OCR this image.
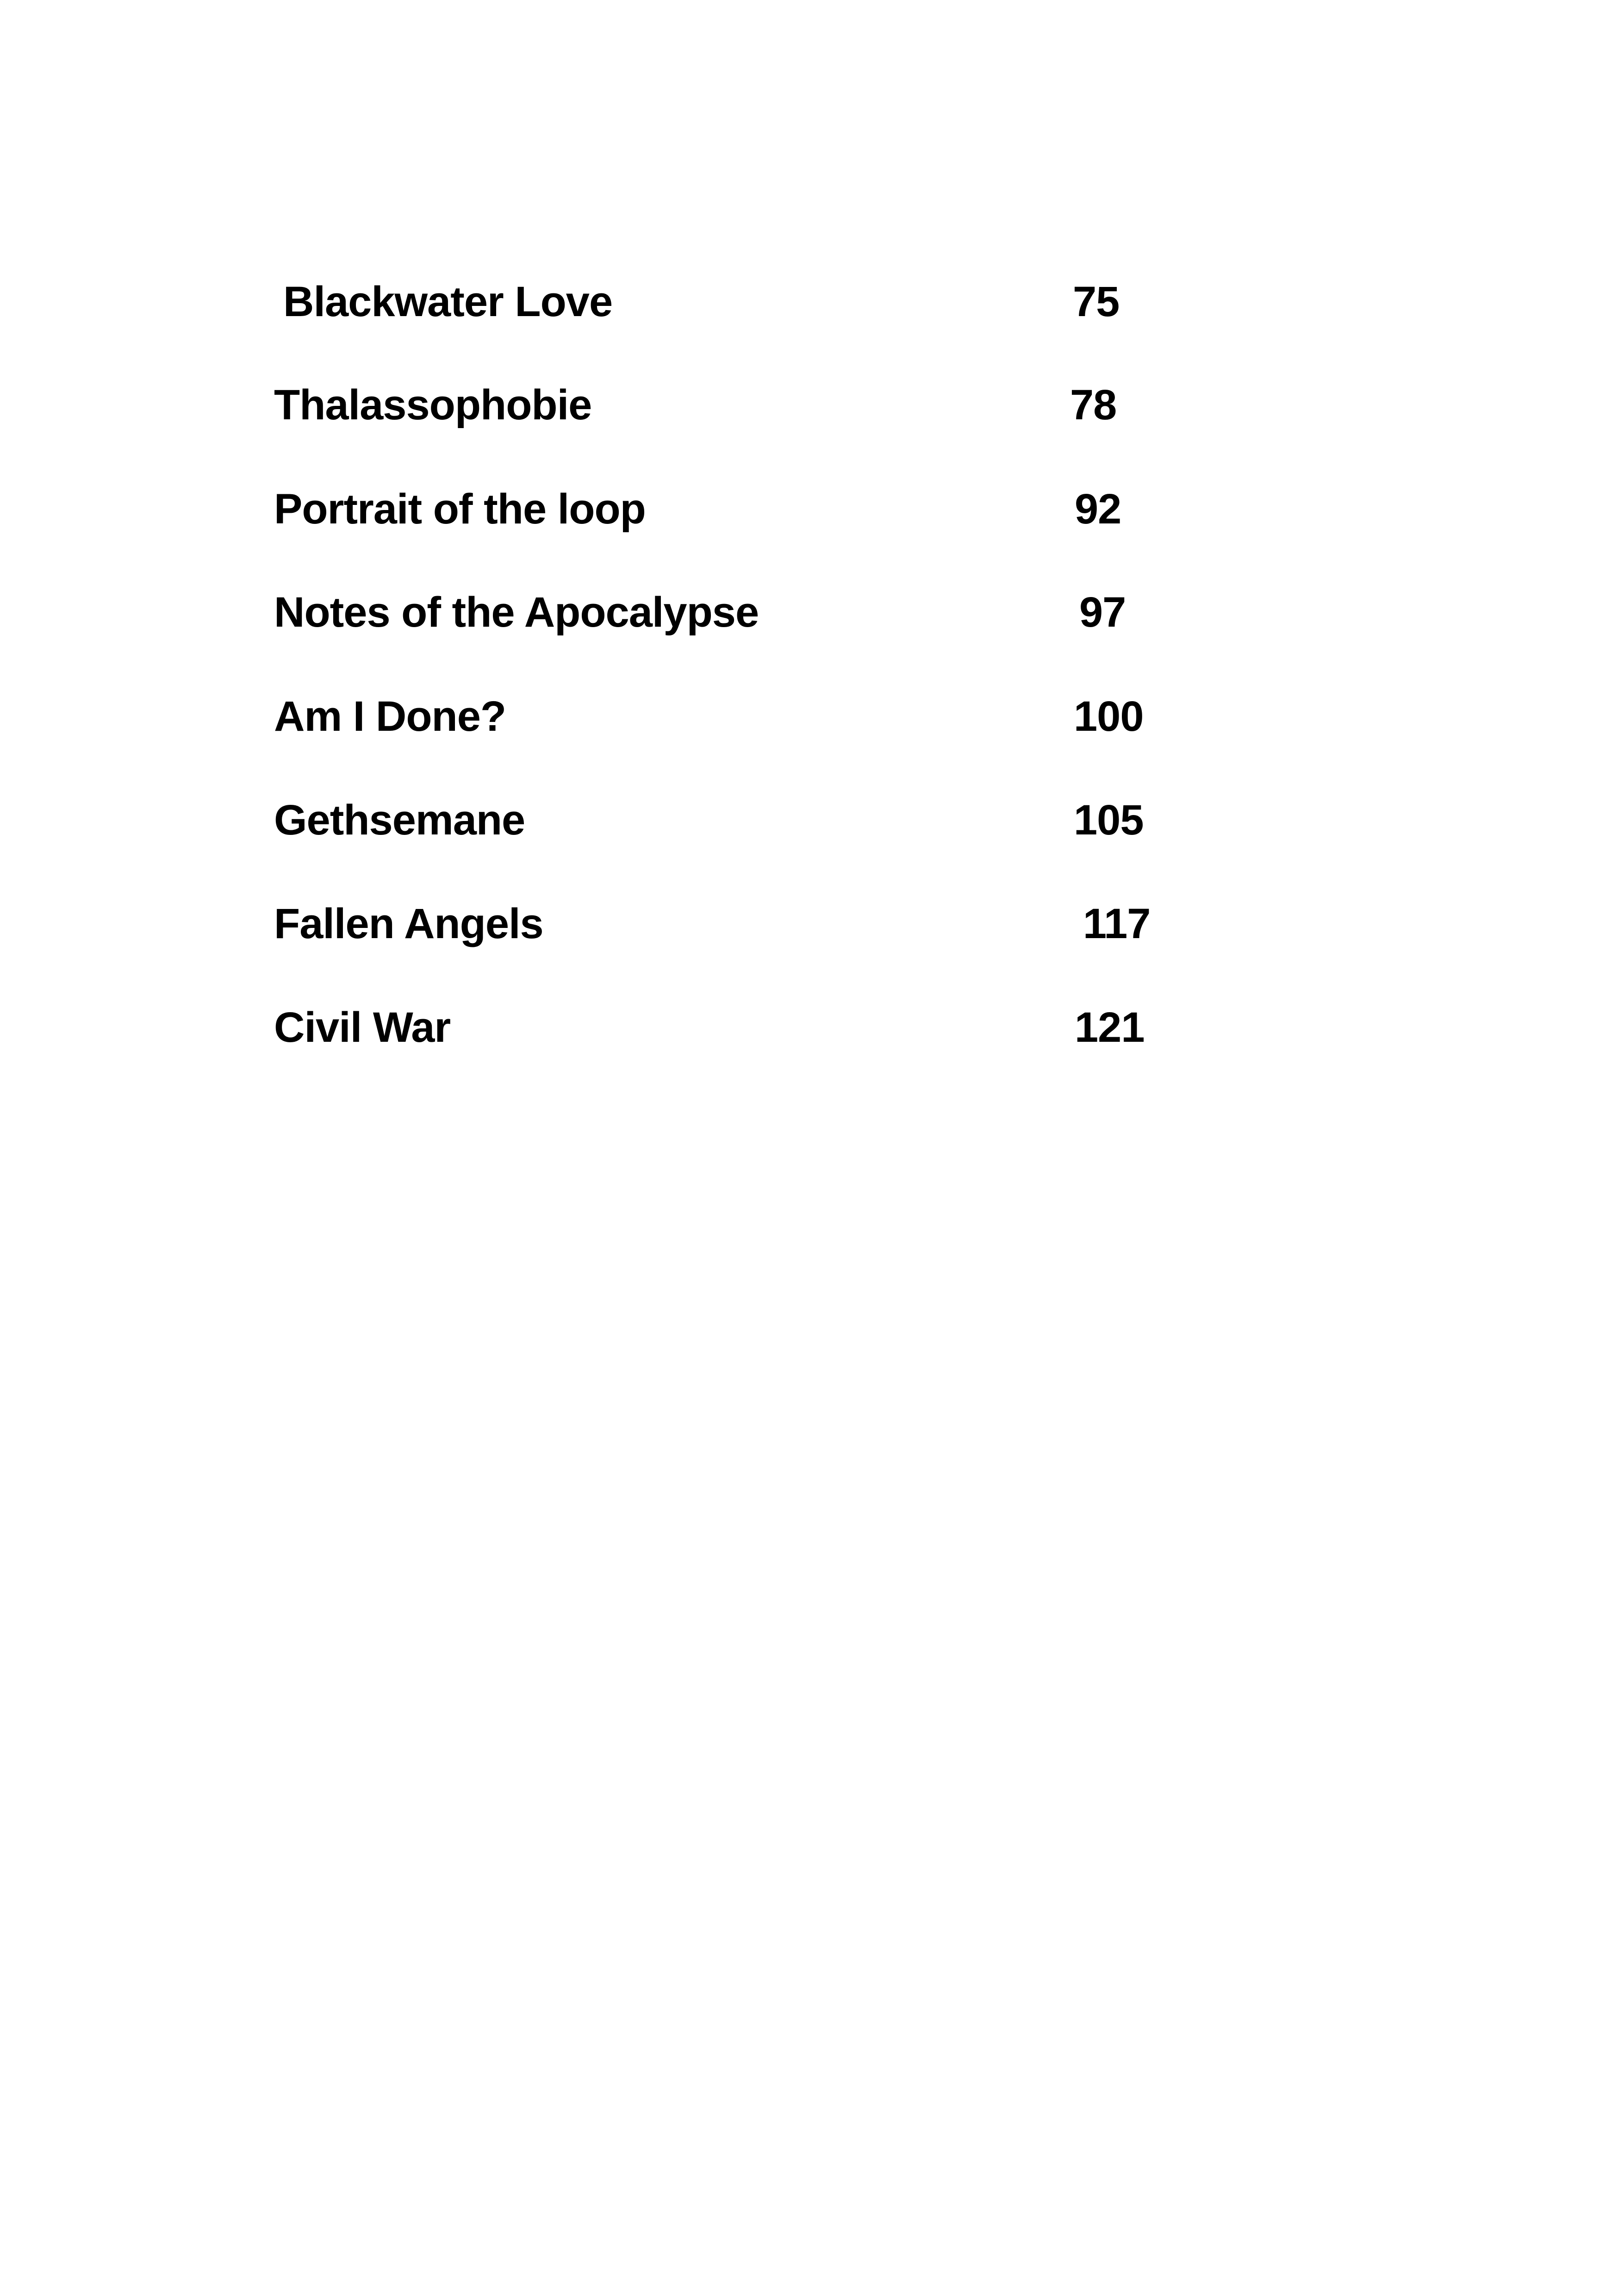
Blackwater Love	75
Thalassophobie	78
Portrait of the loop	92
Notes of the Apocalypse	97
Am I Done?	100
Gethsemane	105
Fallen Angels	117
Civil War	121
